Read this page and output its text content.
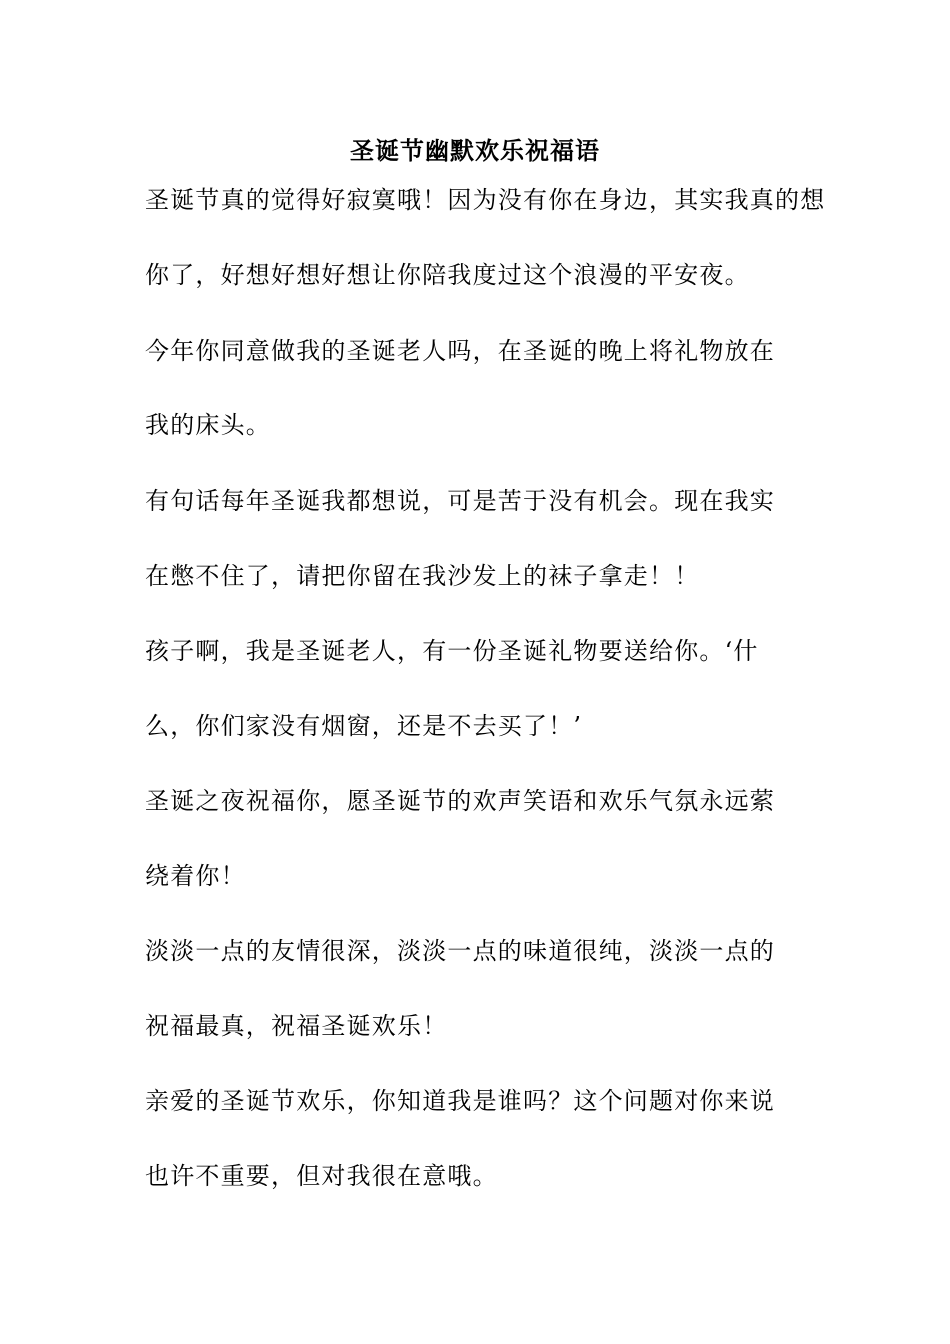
圣诞节幽默欢乐祝福语
圣诞节真的觉得好寂寞哦！因为没有你在身边，其实我真的想
你了，好想好想好想让你陪我度过这个浪漫的平安夜。
今年你同意做我的圣诞老人吗，在圣诞的晚上将礼物放在
我的床头。
有句话每年圣诞我都想说，可是苦于没有机会。现在我实
在憋不住了，请把你留在我沙发上的袜子拿走！！
孩子啊，我是圣诞老人，有一份圣诞礼物要送给你。‘什
么，你们家没有烟窗，还是不去买了！’
圣诞之夜祝福你，愿圣诞节的欢声笑语和欢乐气氛永远萦
绕着你！
淡淡一点的友情很深，淡淡一点的味道很纯，淡淡一点的
祝福最真，祝福圣诞欢乐！
亲爱的圣诞节欢乐，你知道我是谁吗？这个问题对你来说
也许不重要，但对我很在意哦。
